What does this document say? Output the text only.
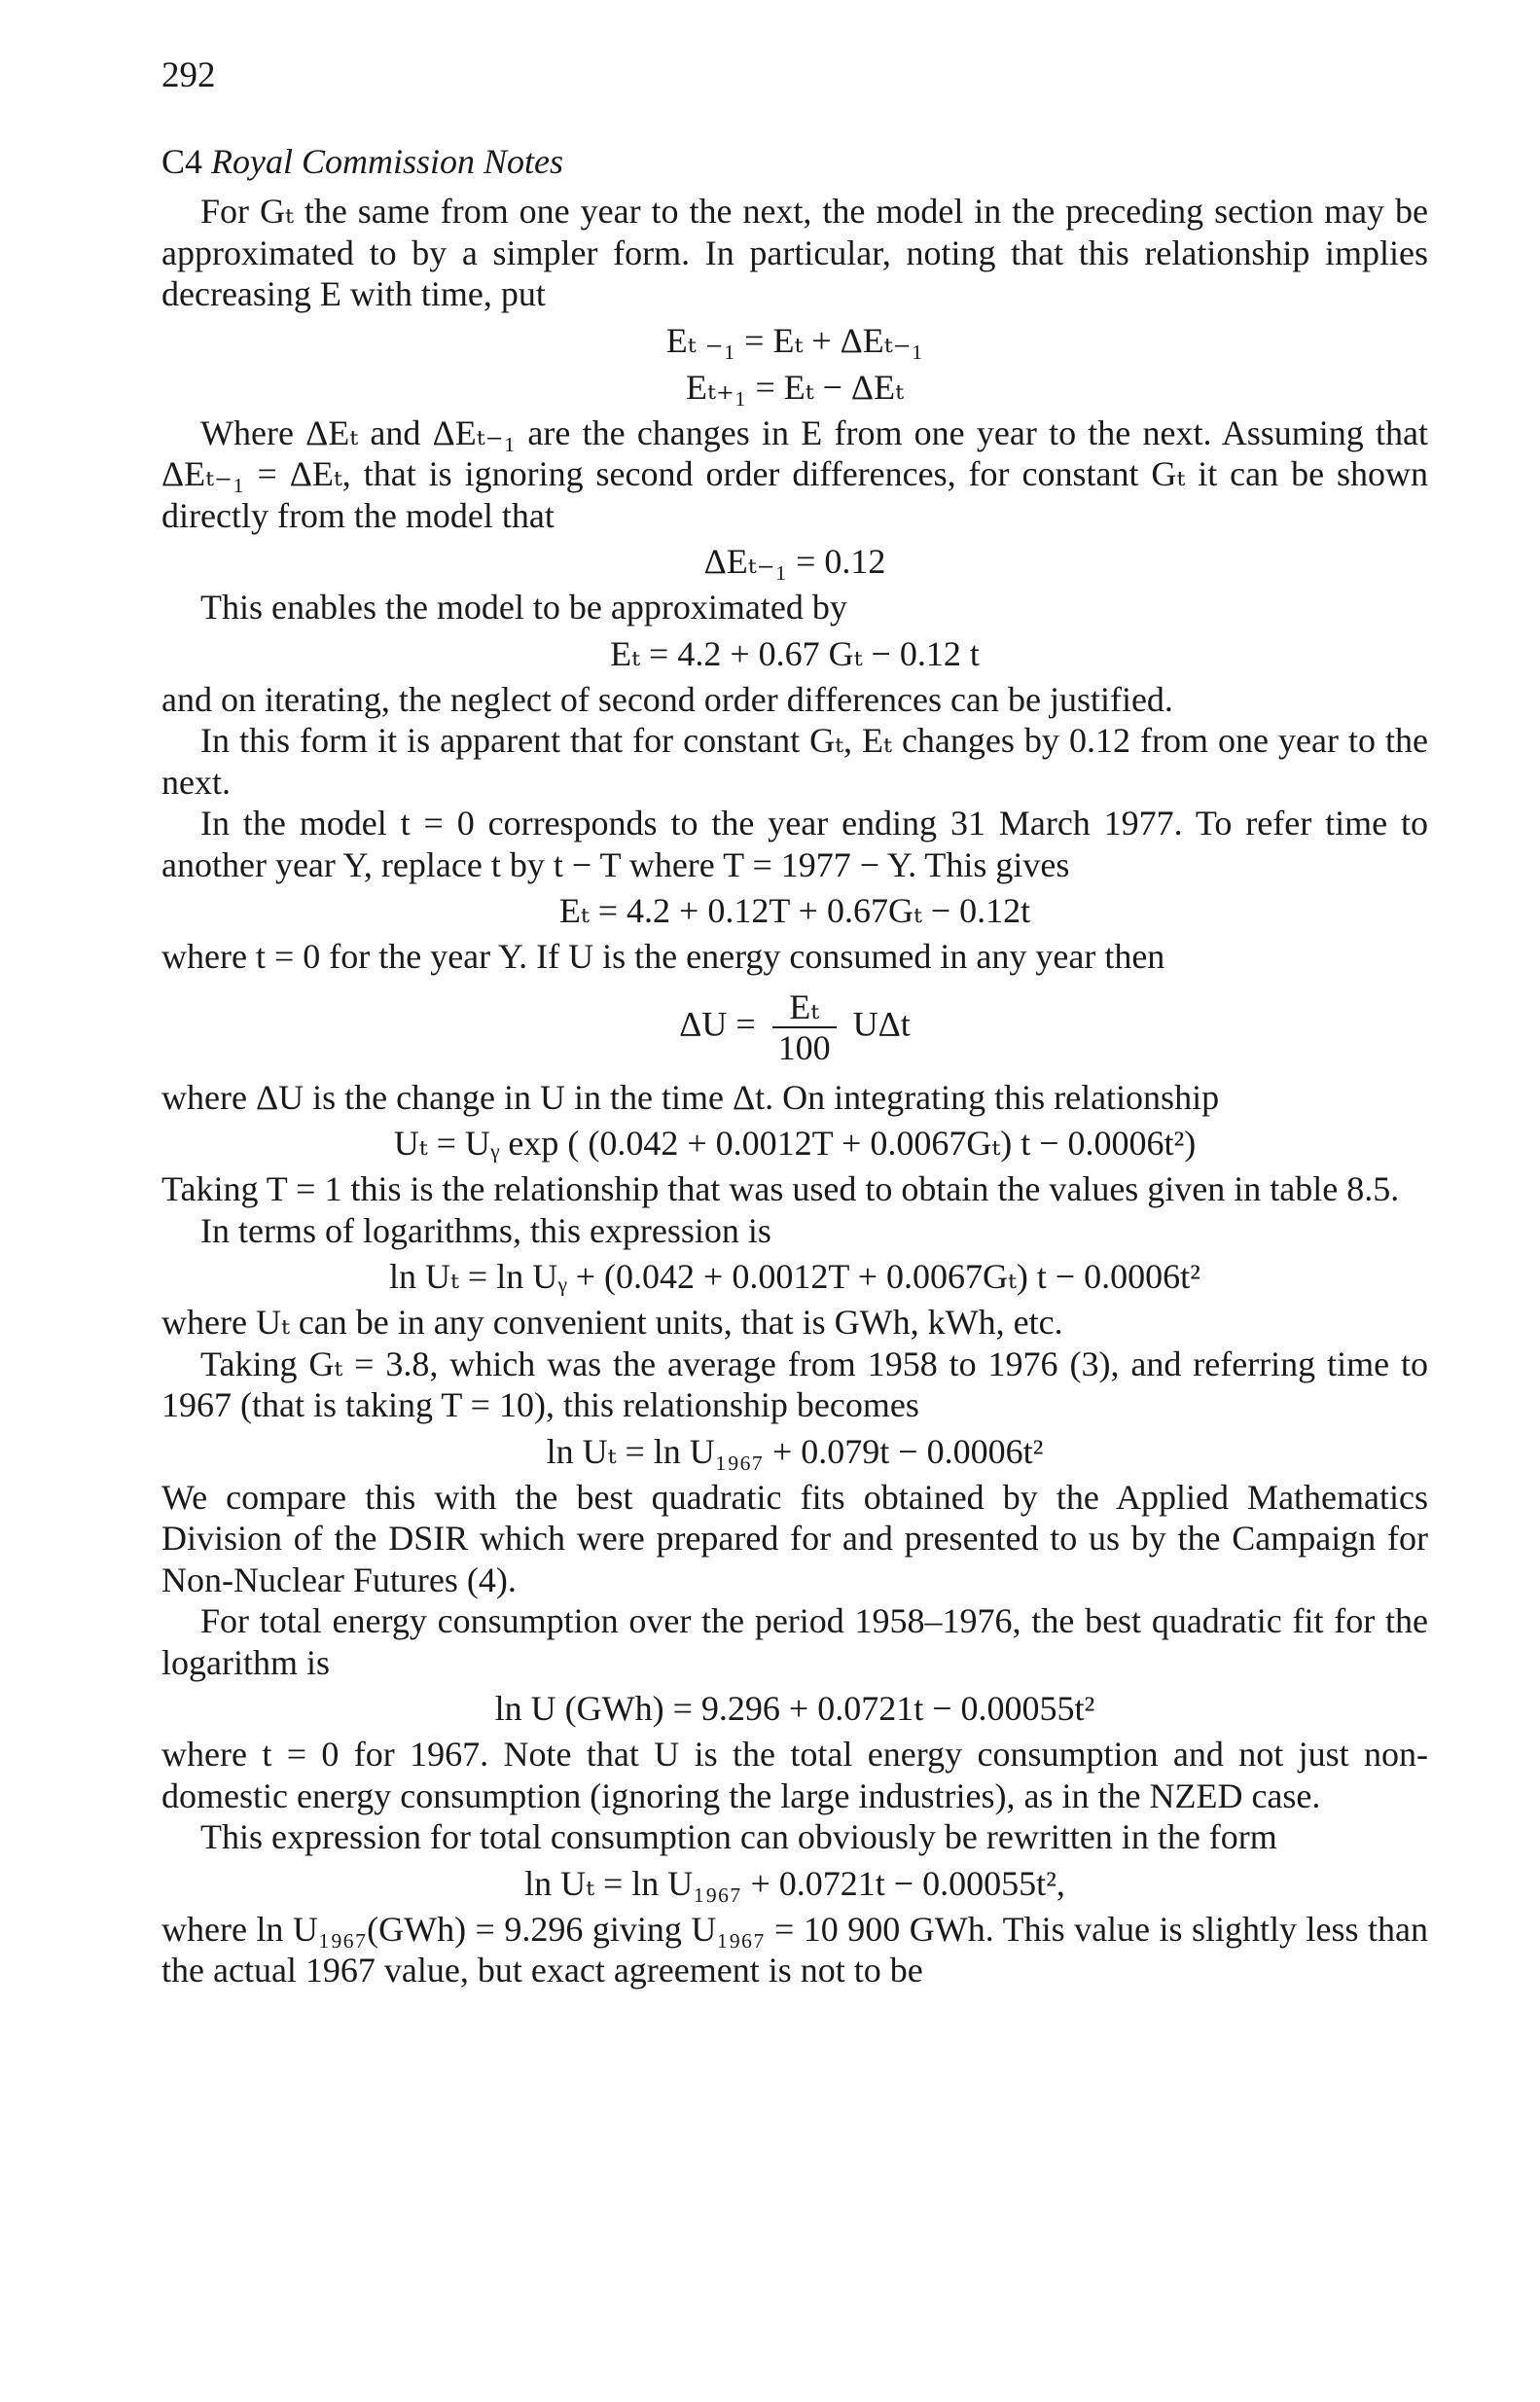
292
C4 Royal Commission Notes

For Gₜ the same from one year to the next, the model in the preceding section may be approximated to by a simpler form. In particular, noting that this relationship implies decreasing E with time, put

Eₜ ₋₁ = Eₜ + ΔEₜ₋₁
Eₜ₊₁ = Eₜ − ΔEₜ

Where ΔEₜ and ΔEₜ₋₁ are the changes in E from one year to the next. Assuming that ΔEₜ₋₁ = ΔEₜ, that is ignoring second order differences, for constant Gₜ it can be shown directly from the model that

ΔEₜ₋₁ = 0.12

This enables the model to be approximated by

Eₜ = 4.2 + 0.67 Gₜ − 0.12 t

and on iterating, the neglect of second order differences can be justified.

In this form it is apparent that for constant Gₜ, Eₜ changes by 0.12 from one year to the next.

In the model t = 0 corresponds to the year ending 31 March 1977. To refer time to another year Y, replace t by t − T where T = 1977 − Y. This gives

Eₜ = 4.2 + 0.12T + 0.67Gₜ − 0.12t

where t = 0 for the year Y. If U is the energy consumed in any year then

$\Delta U = \frac{\text{Eₜ}}{100}$ UΔt

where ΔU is the change in U in the time Δt. On integrating this relationship

Uₜ = Uᵧ exp ( (0.042 + 0.0012T + 0.0067Gₜ) t − 0.0006t²)

Taking T = 1 this is the relationship that was used to obtain the values given in table 8.5.

In terms of logarithms, this expression is

ln Uₜ = ln Uᵧ + (0.042 + 0.0012T + 0.0067Gₜ) t − 0.0006t²

where Uₜ can be in any convenient units, that is GWh, kWh, etc.

Taking Gₜ = 3.8, which was the average from 1958 to 1976 (3), and referring time to 1967 (that is taking T = 10), this relationship becomes

ln Uₜ = ln U₁₉₆₇ + 0.079t − 0.0006t²

We compare this with the best quadratic fits obtained by the Applied Mathematics Division of the DSIR which were prepared for and presented to us by the Campaign for Non-Nuclear Futures (4).

For total energy consumption over the period 1958–1976, the best quadratic fit for the logarithm is

ln U (GWh) = 9.296 + 0.0721t − 0.00055t²

where t = 0 for 1967. Note that U is the total energy consumption and not just non-domestic energy consumption (ignoring the large industries), as in the NZED case.

This expression for total consumption can obviously be rewritten in the form

ln Uₜ = ln U₁₉₆₇ + 0.0721t − 0.00055t²,

where ln U₁₉₆₇(GWh) = 9.296 giving U₁₉₆₇ = 10 900 GWh. This value is slightly less than the actual 1967 value, but exact agreement is not to be
